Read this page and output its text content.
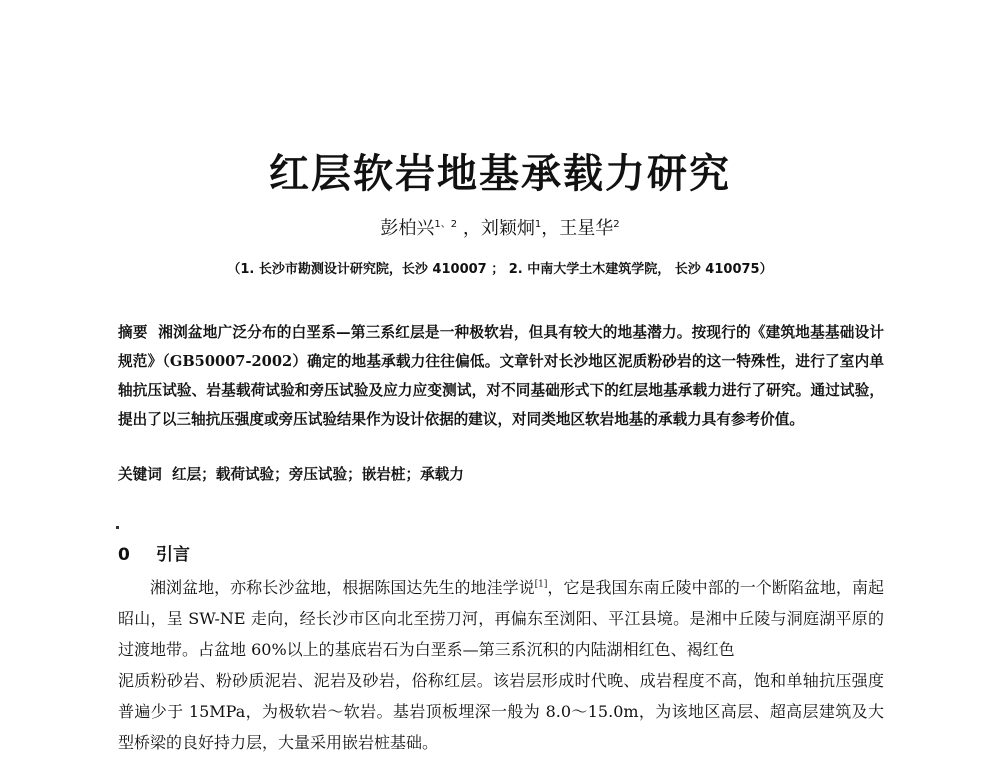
红层软岩地基承载力研究
彭柏兴$^{1、2}$ ，刘颖炯$^1$，王星华$^2$
（1. 长沙市勘测设计研究院，长沙 410007 ； 2. 中南大学土木建筑学院， 长沙 410075）
摘要 湘浏盆地广泛分布的白垩系—第三系红层是一种极软岩，但具有较大的地基潜力。按现行的《建筑地基基础设计规范》（GB50007-2002）确定的地基承载力往往偏低。文章针对长沙地区泥质粉砂岩的这一特殊性，进行了室内单轴抗压试验、岩基载荷试验和旁压试验及应力应变测试，对不同基础形式下的红层地基承载力进行了研究。通过试验，提出了以三轴抗压强度或旁压试验结果作为设计依据的建议，对同类地区软岩地基的承载力具有参考价值。
关键词 红层；载荷试验；旁压试验；嵌岩桩；承载力
0 引言

湘浏盆地，亦称长沙盆地，根据陈国达先生的地洼学说[1]，它是我国东南丘陵中部的一个断陷盆地，南起昭山，呈 SW-NE 走向，经长沙市区向北至捞刀河，再偏东至浏阳、平江县境。是湘中丘陵与洞庭湖平原的过渡地带。占盆地 60%以上的基底岩石为白垩系—第三系沉积的内陆湖相红色、褐红色

泥质粉砂岩、粉砂质泥岩、泥岩及砂岩，俗称红层。该岩层形成时代晚、成岩程度不高，饱和单轴抗压强度普遍少于 15MPa，为极软岩～软岩。基岩顶板埋深一般为 8.0～15.0m，为该地区高层、超高层建筑及大型桥梁的良好持力层，大量采用嵌岩桩基础。
